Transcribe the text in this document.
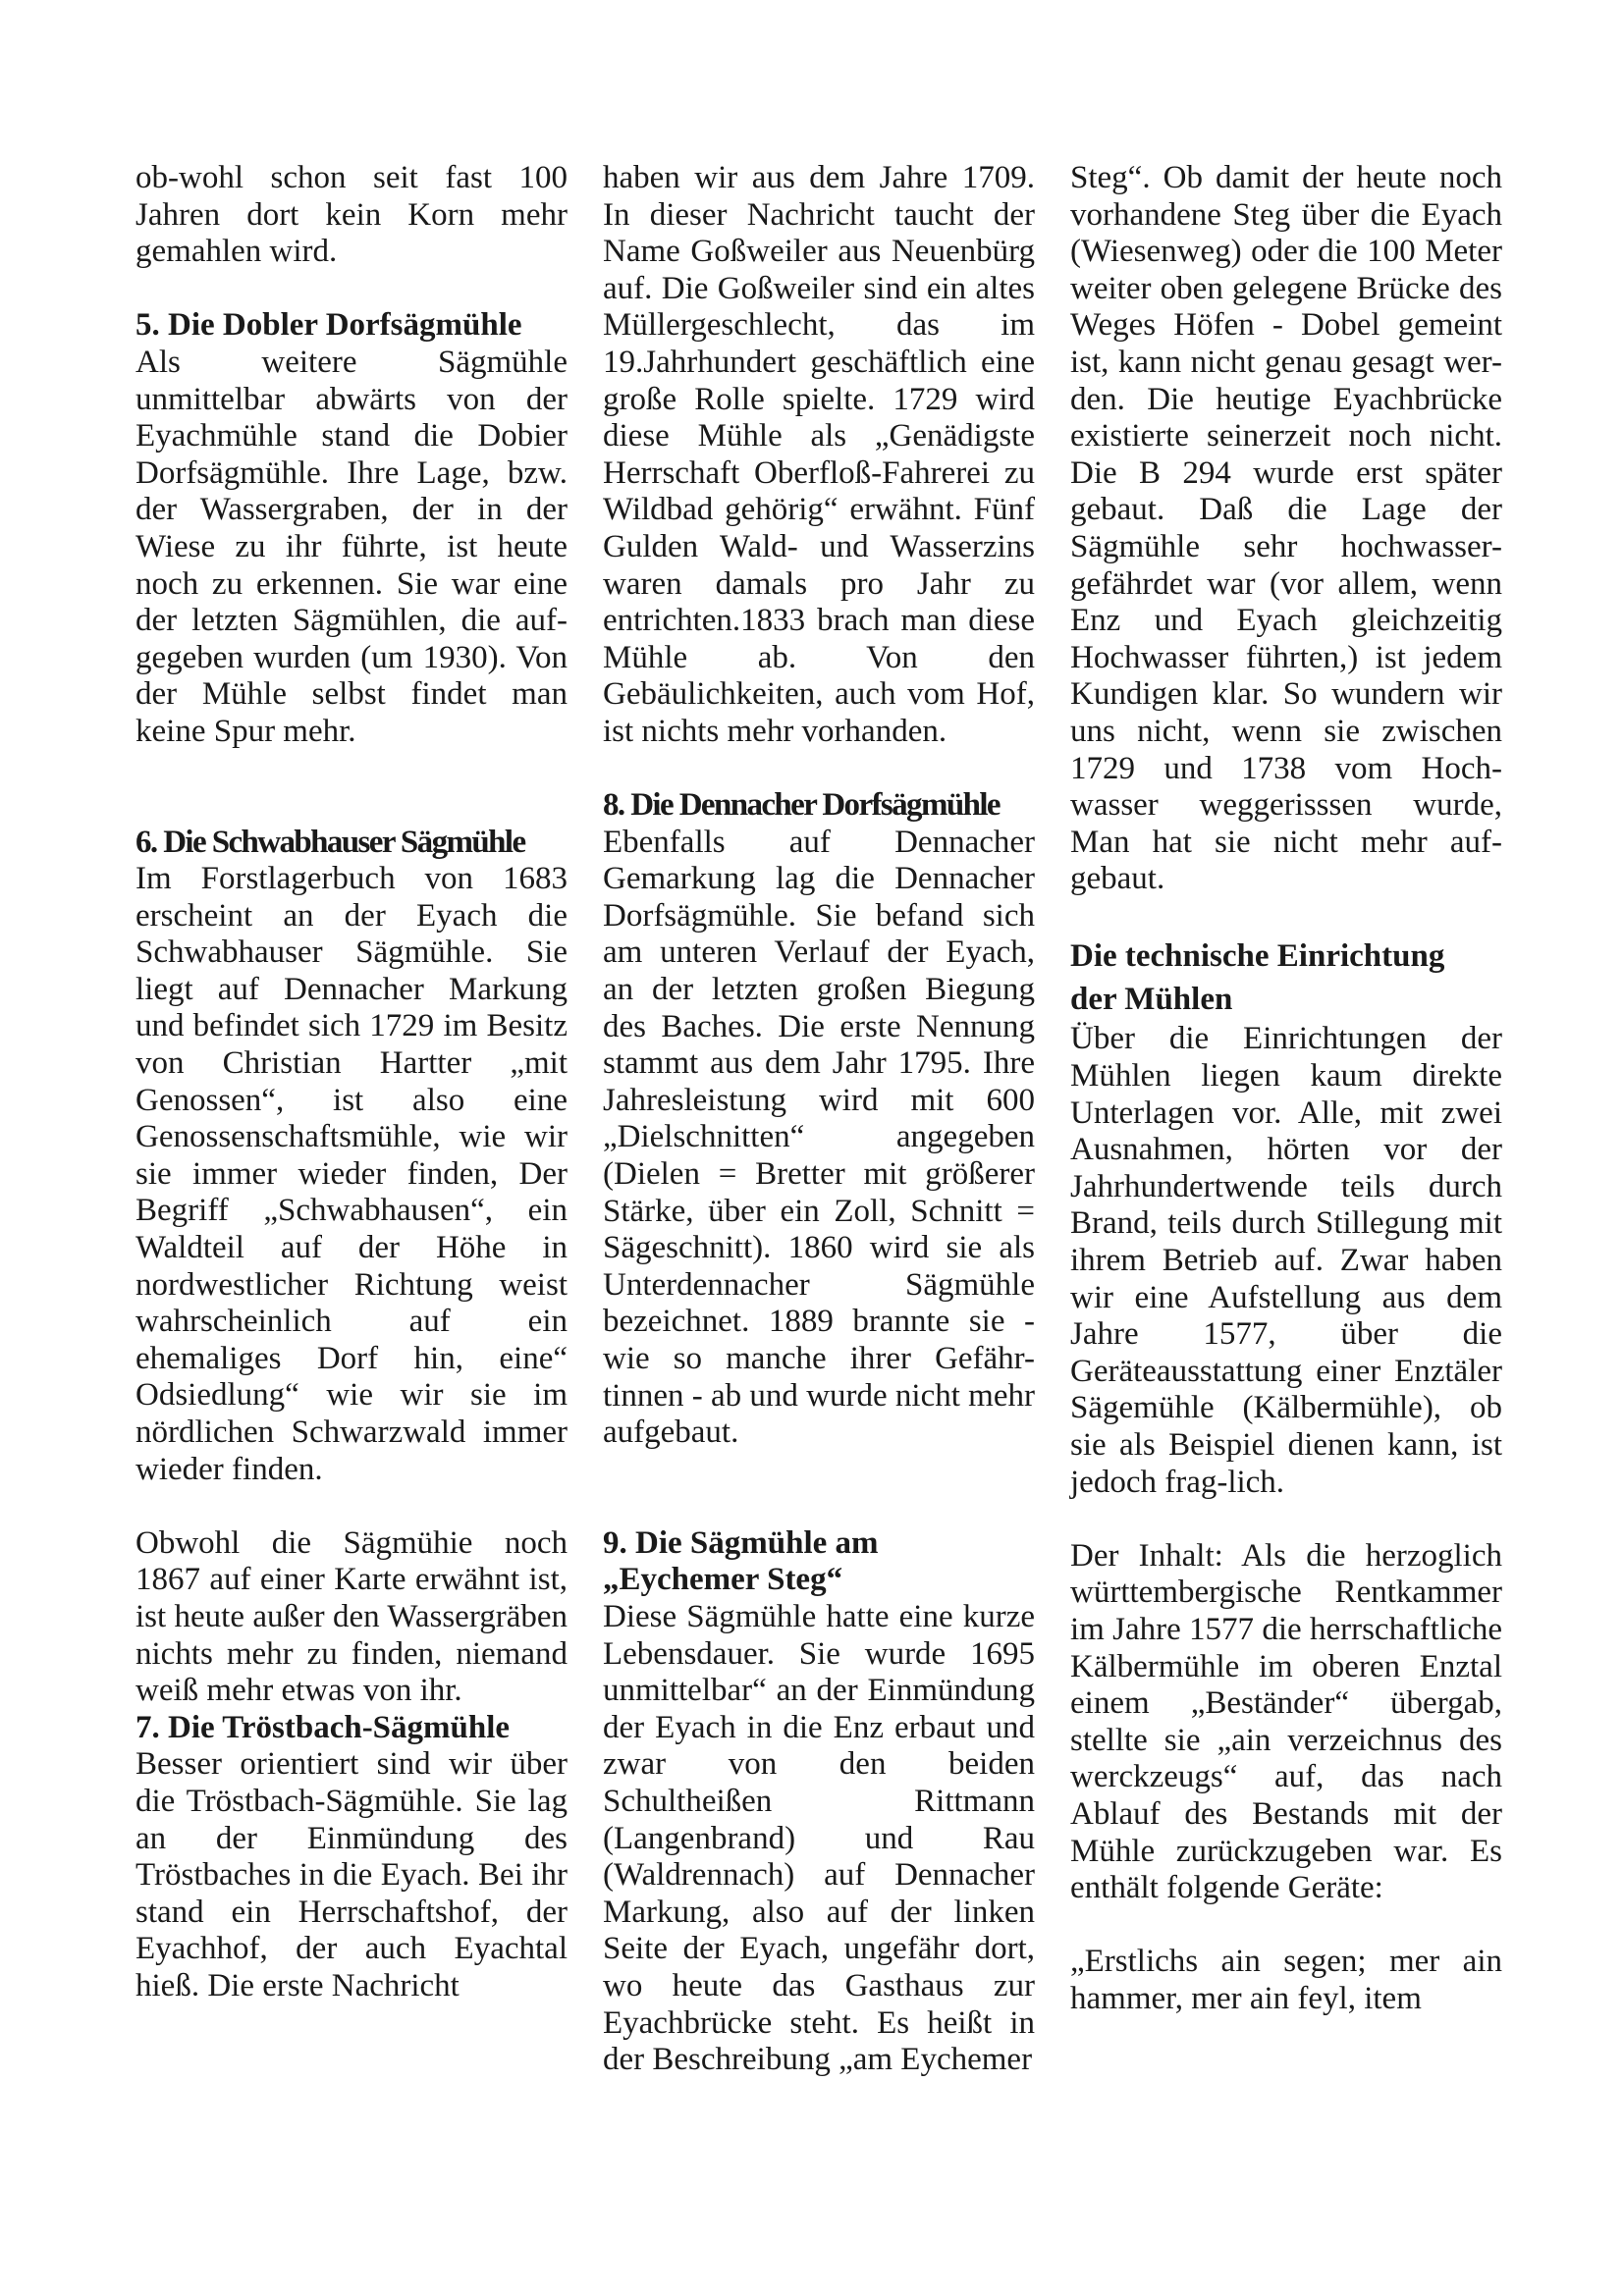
ob-wohl schon seit fast 100 Jahren dort kein Korn mehr gemahlen wird.

5. Die Dobler Dorfsägmühle

Als weitere Sägmühle unmittelbar abwärts von der Eyachmühle stand die Dobier Dorfsägmühle. Ihre Lage, bzw. der Wassergraben, der in der Wiese zu ihr führte, ist heute noch zu erkennen. Sie war eine der letzten Sägmühlen, die auf-gegeben wurden (um 1930). Von der Mühle selbst findet man keine Spur mehr.

6. Die Schwabhauser Sägmühle

Im Forstlagerbuch von 1683 erscheint an der Eyach die Schwabhauser Sägmühle. Sie liegt auf Dennacher Markung und befindet sich 1729 im Besitz von Christian Hartter „mit Genossen“, ist also eine Genossenschaftsmühle, wie wir sie immer wieder finden, Der Begriff „Schwabhausen“, ein Waldteil auf der Höhe in nordwestlicher Richtung weist wahrscheinlich auf ein ehemaliges Dorf hin, eine“ Odsiedlung“ wie wir sie im nördlichen Schwarzwald immer wieder finden.

Obwohl die Sägmühie noch 1867 auf einer Karte erwähnt ist, ist heute außer den Wassergräben nichts mehr zu finden, niemand weiß mehr etwas von ihr.

7. Die Tröstbach-Sägmühle

Besser orientiert sind wir über die Tröstbach-Sägmühle. Sie lag an der Einmündung des Tröstbaches in die Eyach. Bei ihr stand ein Herrschaftshof, der Eyachhof, der auch Eyachtal hieß. Die erste Nachricht

haben wir aus dem Jahre 1709. In dieser Nachricht taucht der Name Goßweiler aus Neuenbürg auf. Die Goßweiler sind ein altes Müllergeschlecht, das im 19.Jahrhundert geschäftlich eine große Rolle spielte. 1729 wird diese Mühle als „Genädigste Herrschaft Oberfloß-Fahrerei zu Wildbad gehörig“ erwähnt. Fünf Gulden Wald- und Wasserzins waren damals pro Jahr zu entrichten.1833 brach man diese Mühle ab. Von den Gebäulichkeiten, auch vom Hof, ist nichts mehr vorhanden.

8. Die Dennacher Dorfsägmühle

Ebenfalls auf Dennacher Gemarkung lag die Dennacher Dorfsägmühle. Sie befand sich am unteren Verlauf der Eyach, an der letzten großen Biegung des Baches. Die erste Nennung stammt aus dem Jahr 1795. Ihre Jahresleistung wird mit 600 „Dielschnitten“ angegeben (Dielen = Bretter mit größerer Stärke, über ein Zoll, Schnitt = Sägeschnitt). 1860 wird sie als Unterdennacher Sägmühle bezeichnet. 1889 brannte sie - wie so manche ihrer Gefähr-tinnen - ab und wurde nicht mehr aufgebaut.

9. Die Sägmühle am „Eychemer Steg“

Diese Sägmühle hatte eine kurze Lebensdauer. Sie wurde 1695 unmittelbar“ an der Einmündung der Eyach in die Enz erbaut und zwar von den beiden Schultheißen Rittmann (Langenbrand) und Rau (Waldrennach) auf Dennacher Markung, also auf der linken Seite der Eyach, ungefähr dort, wo heute das Gasthaus zur Eyachbrücke steht. Es heißt in der Beschreibung „am Eychemer

Steg“. Ob damit der heute noch vorhandene Steg über die Eyach (Wiesenweg) oder die 100 Meter weiter oben gelegene Brücke des Weges Höfen - Dobel gemeint ist, kann nicht genau gesagt wer-den. Die heutige Eyachbrücke existierte seinerzeit noch nicht. Die B 294 wurde erst später gebaut. Daß die Lage der Sägmühle sehr hochwasser-gefährdet war (vor allem, wenn Enz und Eyach gleichzeitig Hochwasser führten,) ist jedem Kundigen klar. So wundern wir uns nicht, wenn sie zwischen 1729 und 1738 vom Hoch-wasser weggerisssen wurde, Man hat sie nicht mehr auf-gebaut.

Die technische Einrichtung der Mühlen

Über die Einrichtungen der Mühlen liegen kaum direkte Unterlagen vor. Alle, mit zwei Ausnahmen, hörten vor der Jahrhundertwende teils durch Brand, teils durch Stillegung mit ihrem Betrieb auf. Zwar haben wir eine Aufstellung aus dem Jahre 1577, über die Geräteausstattung einer Enztäler Sägemühle (Kälbermühle), ob sie als Beispiel dienen kann, ist jedoch frag-lich.

Der Inhalt: Als die herzoglich württembergische Rentkammer im Jahre 1577 die herrschaftliche Kälbermühle im oberen Enztal einem „Beständer“ übergab, stellte sie „ain verzeichnus des werckzeugs“ auf, das nach Ablauf des Bestands mit der Mühle zurückzugeben war. Es enthält folgende Geräte:

„Erstlichs ain segen; mer ain hammer, mer ain feyl, item
